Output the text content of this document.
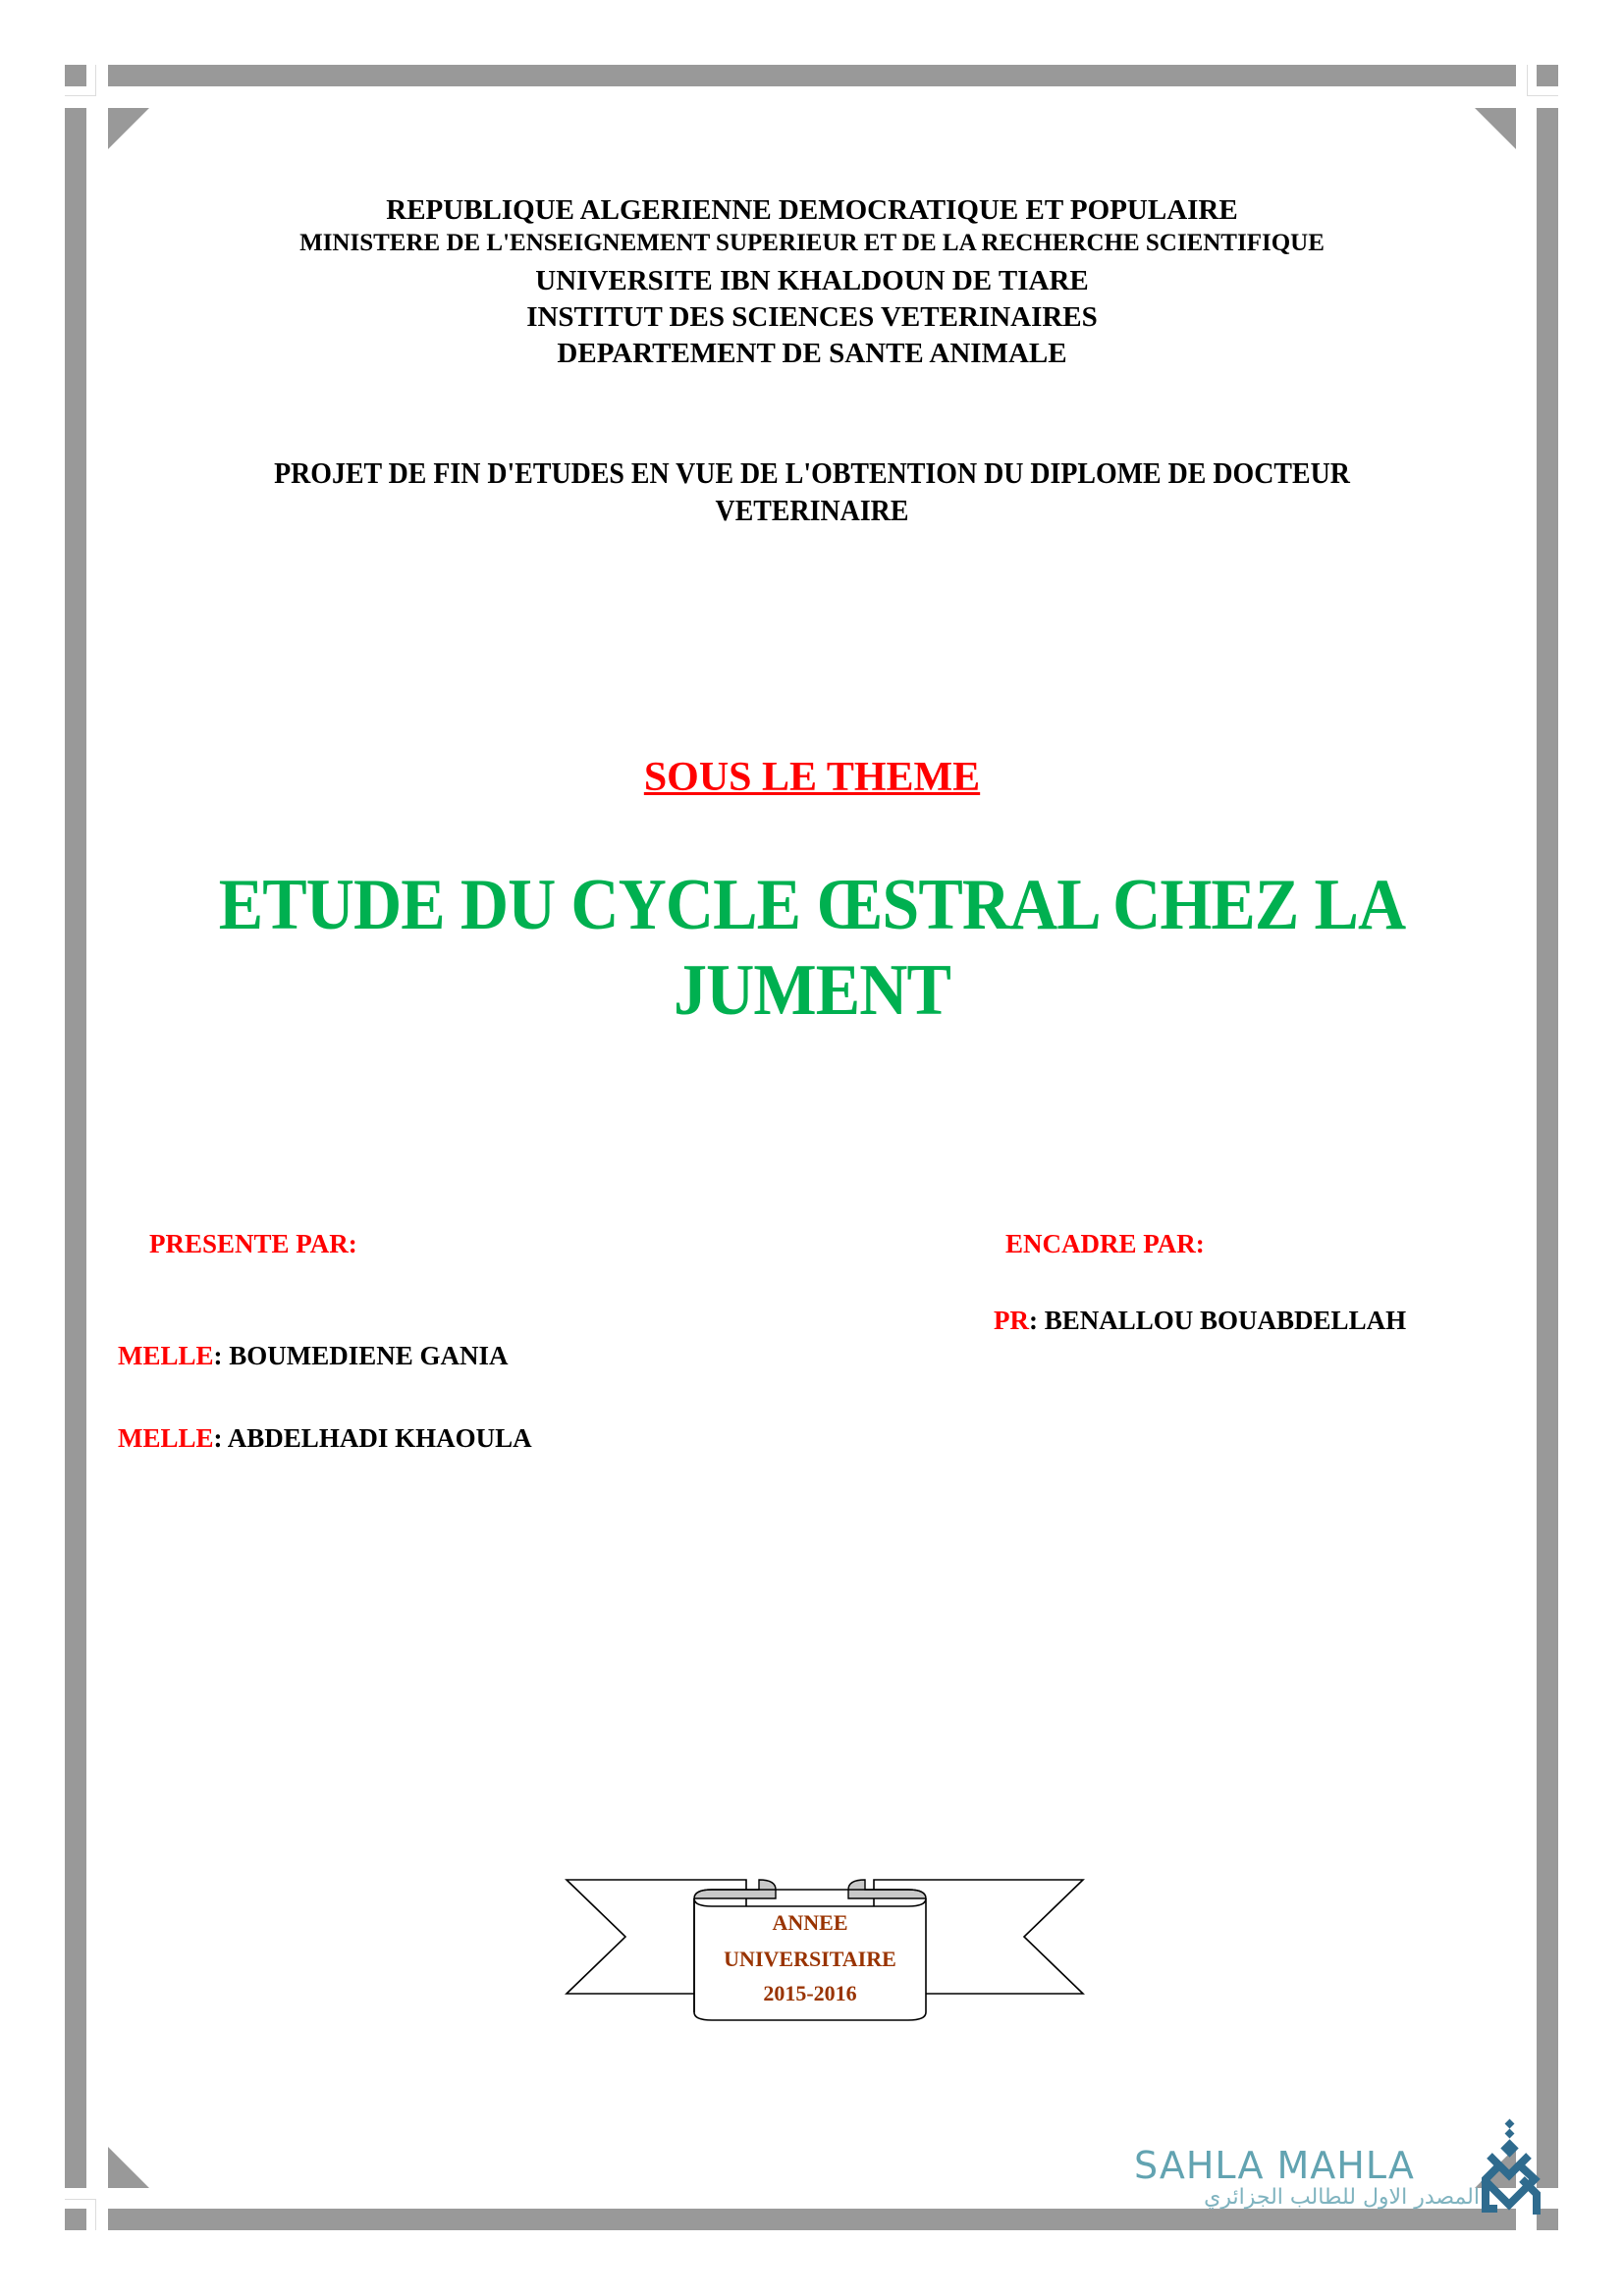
REPUBLIQUE ALGERIENNE DEMOCRATIQUE ET POPULAIRE
MINISTERE DE L'ENSEIGNEMENT SUPERIEUR ET DE LA RECHERCHE SCIENTIFIQUE
UNIVERSITE IBN KHALDOUN DE TIARE
INSTITUT DES SCIENCES VETERINAIRES
DEPARTEMENT DE SANTE ANIMALE
PROJET DE FIN D'ETUDES EN VUE DE L'OBTENTION DU DIPLOME DE DOCTEUR
VETERINAIRE
SOUS LE THEME
ETUDE DU CYCLE ŒSTRAL CHEZ LA
JUMENT
PRESENTE PAR:
MELLE: BOUMEDIENE GANIA
MELLE: ABDELHADI KHAOULA
ENCADRE PAR:
PR: BENALLOU BOUABDELLAH
ANNEE
UNIVERSITAIRE
2015-2016
SAHLA MAHLA
المصدر الاول للطالب الجزائري
